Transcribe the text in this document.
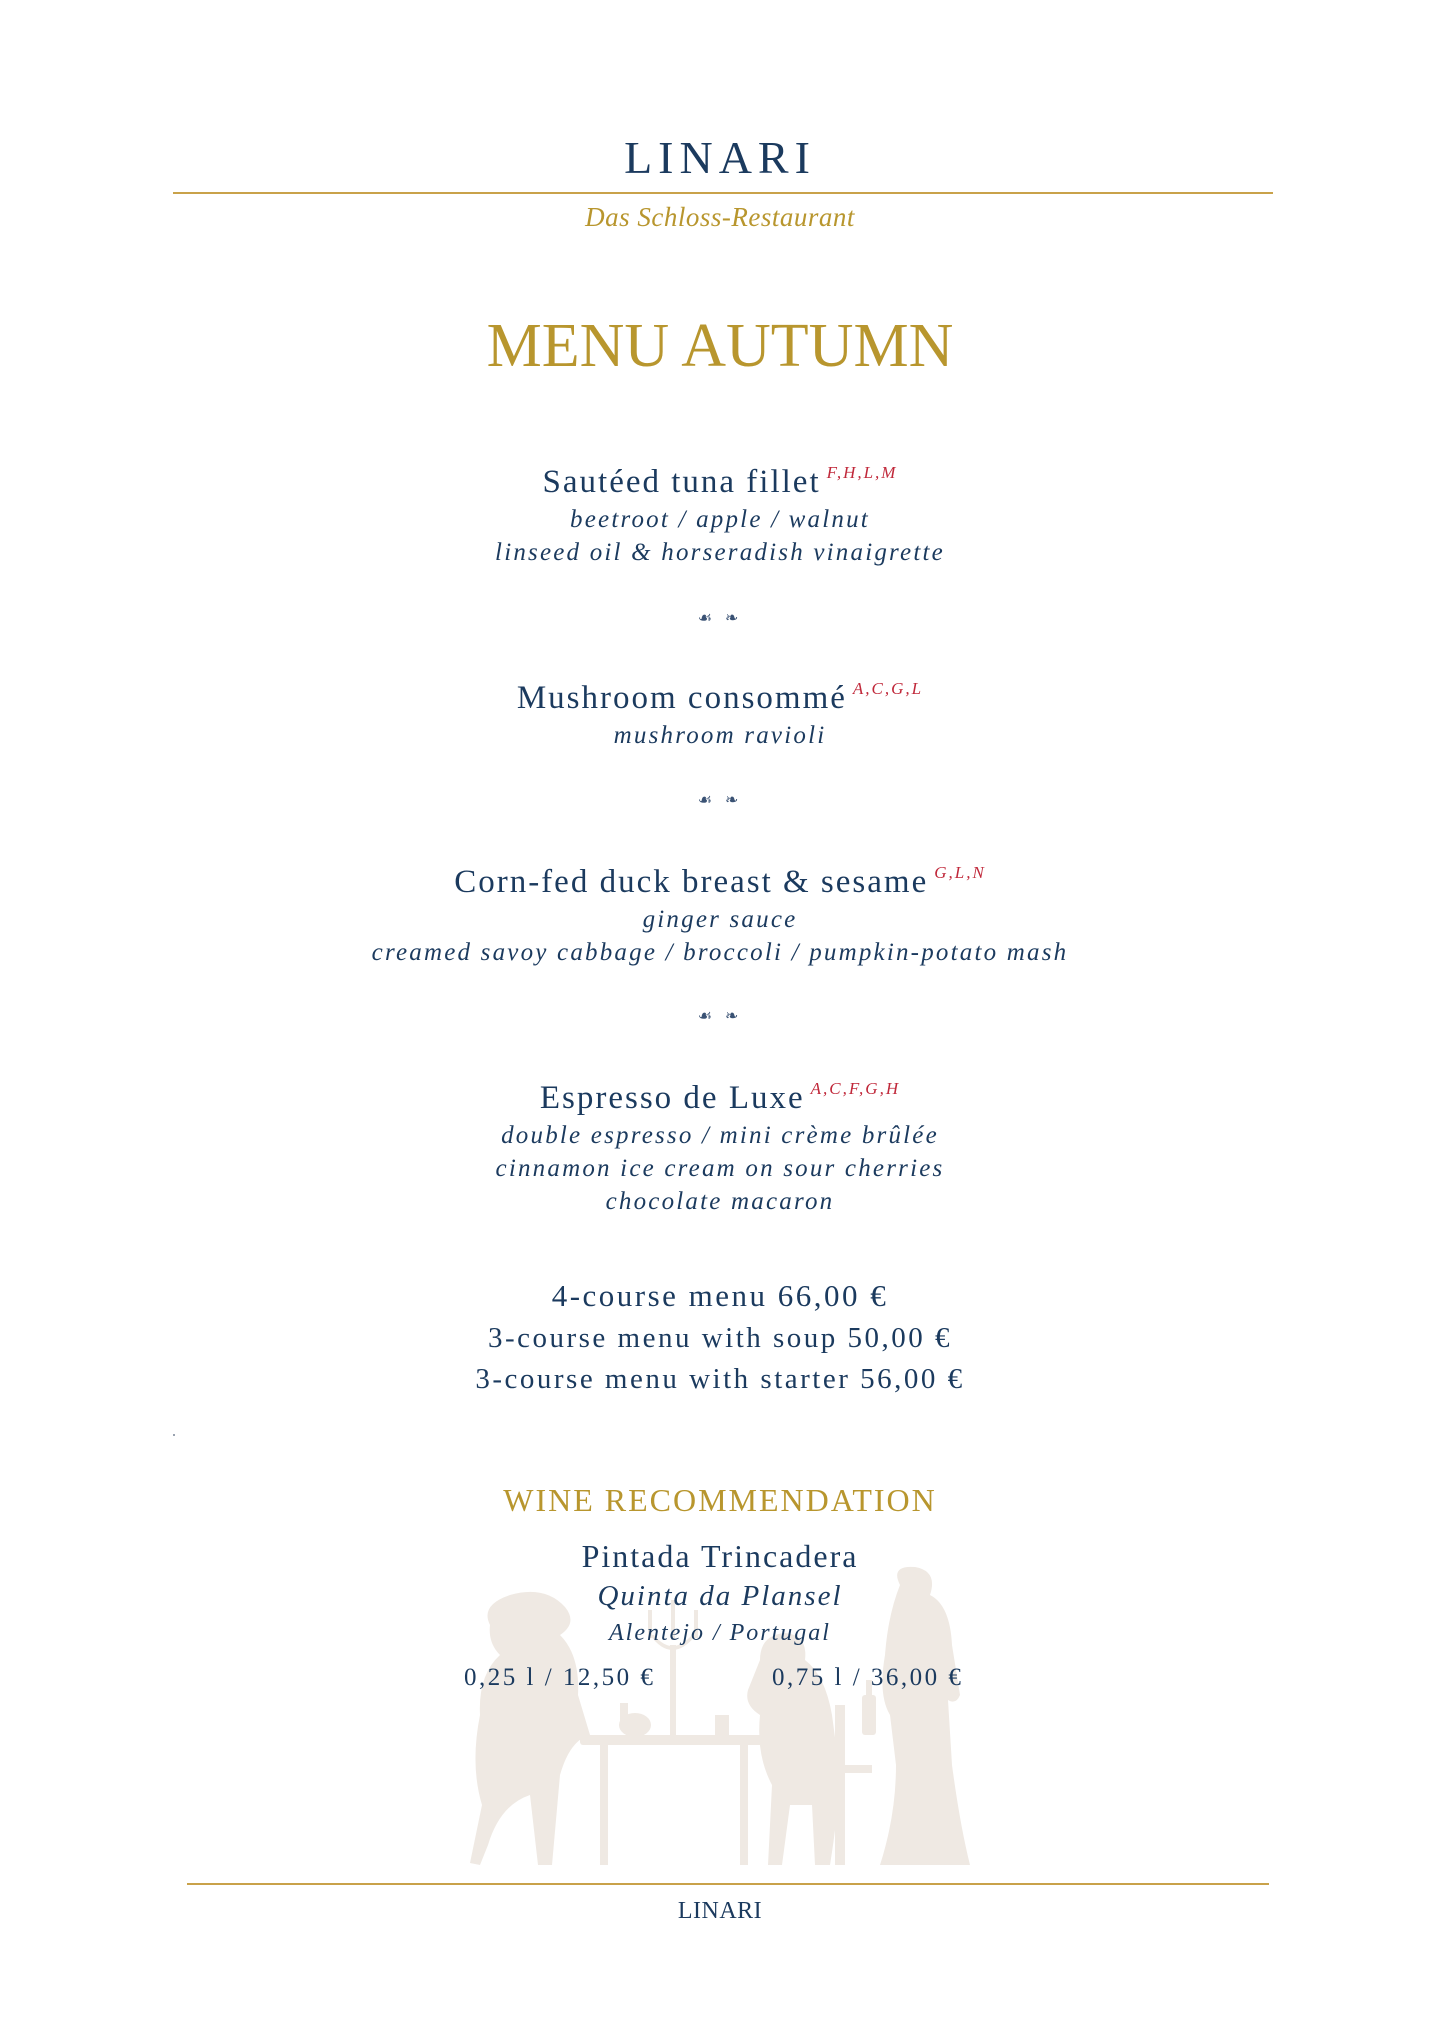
LINARI
Das Schloss-Restaurant
MENU AUTUMN
Sautéed tuna fillet $^{F,H,L,M}$
beetroot / apple / walnut
linseed oil & horseradish vinaigrette
☙ ❧
Mushroom consommé $^{A,C,G,L}$
mushroom ravioli
☙ ❧
Corn-fed duck breast & sesame $^{G,L,N}$
ginger sauce
creamed savoy cabbage / broccoli / pumpkin-potato mash
☙ ❧
Espresso de Luxe $^{A,C,F,G,H}$
double espresso / mini crème brûlée
cinnamon ice cream on sour cherries
chocolate macaron
4-course menu 66,00 €
3-course menu with soup 50,00 €
3-course menu with starter 56,00 €
WINE RECOMMENDATION
Pintada Trincadera
Quinta da Plansel
Alentejo / Portugal
0,25 l / 12,50 €	0,75 l / 36,00 €
LINARI
